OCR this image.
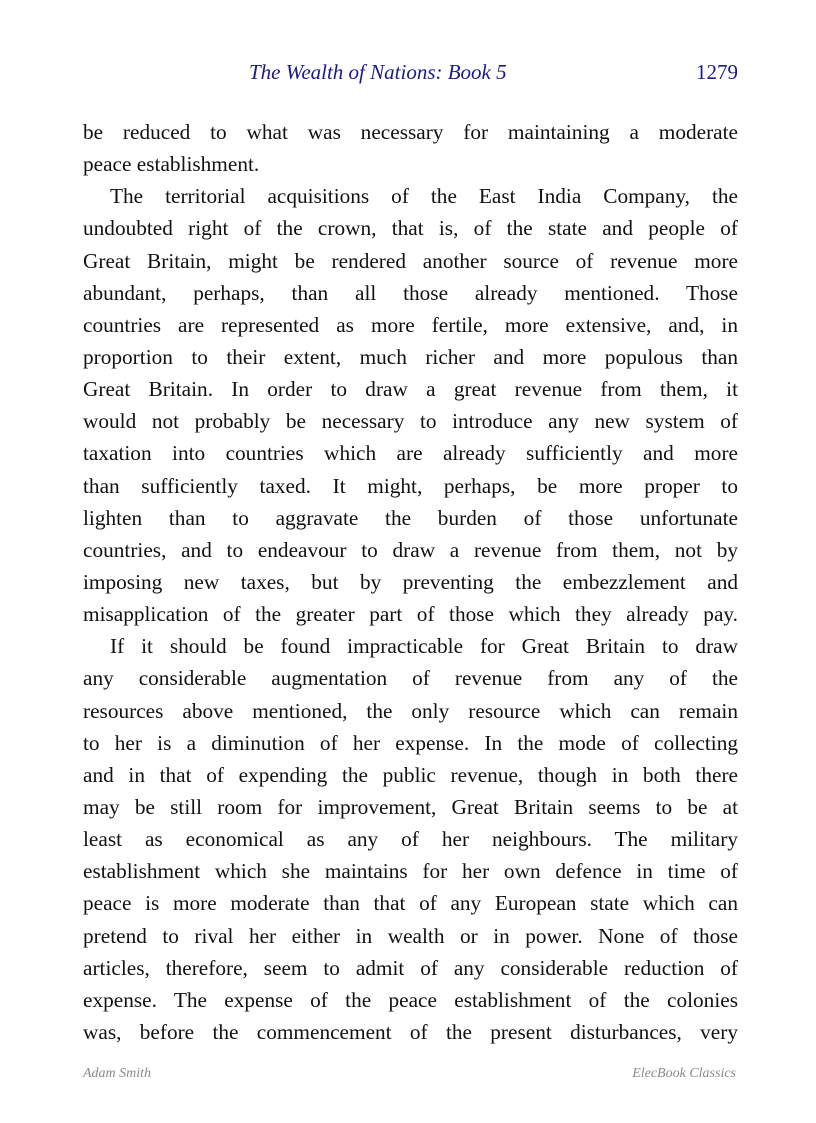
The Wealth of Nations: Book 5	1279
be reduced to what was necessary for maintaining a moderate
peace establishment.
The territorial acquisitions of the East India Company, the
undoubted right of the crown, that is, of the state and people of
Great Britain, might be rendered another source of revenue more
abundant, perhaps, than all those already mentioned. Those
countries are represented as more fertile, more extensive, and, in
proportion to their extent, much richer and more populous than
Great Britain. In order to draw a great revenue from them, it
would not probably be necessary to introduce any new system of
taxation into countries which are already sufficiently and more
than sufficiently taxed. It might, perhaps, be more proper to
lighten than to aggravate the burden of those unfortunate
countries, and to endeavour to draw a revenue from them, not by
imposing new taxes, but by preventing the embezzlement and
misapplication of the greater part of those which they already pay.
If it should be found impracticable for Great Britain to draw
any considerable augmentation of revenue from any of the
resources above mentioned, the only resource which can remain
to her is a diminution of her expense. In the mode of collecting
and in that of expending the public revenue, though in both there
may be still room for improvement, Great Britain seems to be at
least as economical as any of her neighbours. The military
establishment which she maintains for her own defence in time of
peace is more moderate than that of any European state which can
pretend to rival her either in wealth or in power. None of those
articles, therefore, seem to admit of any considerable reduction of
expense. The expense of the peace establishment of the colonies
was, before the commencement of the present disturbances, very
Adam Smith	ElecBook Classics
